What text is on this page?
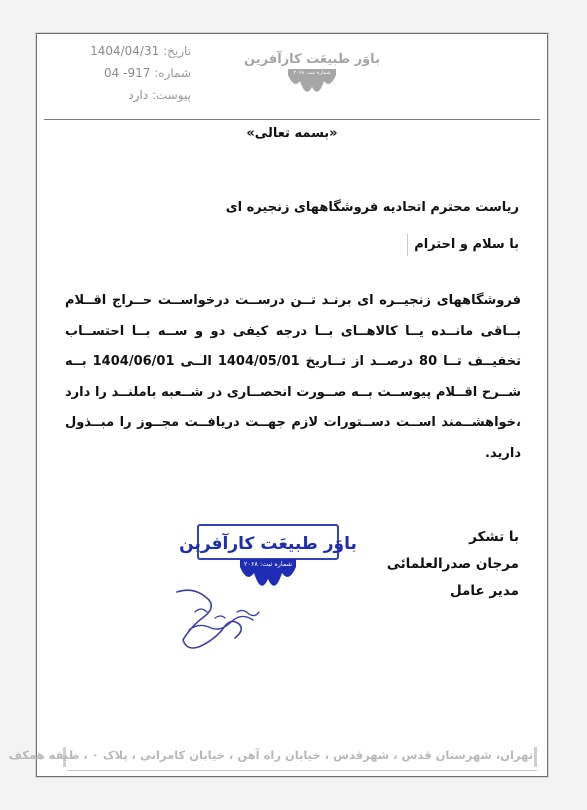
تاریخ: 1404/04/31
شماره: 917- 04
پیوست: دارد
باوَر طبیعَت کارآفرین
شماره ثبت: ۲۰۶۸
«بسمه تعالی»
ریاست محترم اتحادیه فروشگاههای زنجیره ای
با سلام و احترام
فروشگاههای زنجیــره ای برنـد تــن درســت درخواســت حــراج اقــلام بــاقی مانــده یــا کالاهــای بــا درجه کیفی دو و ســه بــا احتســاب تخفیــف تــا 80 درصــد از تــاریخ 1404/05/01 الــی 1404/06/01 بــه شــرح اقــلام پیوســت بــه صــورت انحصــاری در شــعبه باملنــد را دارد ،خواهشــمند اســت دســتورات لازم جهــت دریافــت مجــوز را مبــذول دارید.
با تشکر
مرجان صدرالعلمائی
مدیر عامل
باوَر طبیعَت کارآفرین
شماره ثبت: ۲۰۶۸
تهران، شهرستان قدس ، شهرقدس ، خیابان راه آهن ، خیابان کامرانی ، پلاک ۰ ، طبقه همکف
